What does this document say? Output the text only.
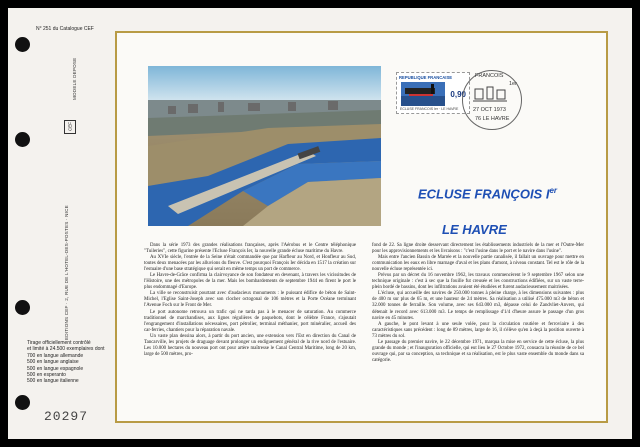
N° 251 du Catalogue CEF
MODELE DEPOSE
CEF
EDITIONS CEF · 2, RUE DE L'HOTEL-DES-POSTES · NICE
Tirage officiellement contrôlé
et limité à 24.500 exemplaires dont
700 en langue allemande
500 en langue anglaise
500 en langue espagnole
500 en esperanto
500 en langue italienne
20297
REPUBLIQUE FRANCAISE
0,90
ECLUSE FRANCOIS Ier · LE HAVRE
FRANCOIS
1er
27 OCT 1973
76 LE HAVRE
ECLUSE FRANÇOIS Ier
LE HAVRE

Dans la série 1973 des grandes réalisations françaises, après l'Aérobus et le Centre téléphonique "Tuileries", cette figurine présente l'Ecluse François Ier, la nouvelle grande écluse maritime du Havre.

Au XVIe siècle, l'entrée de la Seine n'était commandée que par Harfleur au Nord, et Honfleur au Sud, toutes deux menacées par les alluvions du fleuve. C'est pourquoi François Ier décida en 1517 la création sur l'estuaire d'une base stratégique qui serait en même temps un port de commerce.

Le Havre-de-Grâce confirma la clairvoyance de son fondateur en devenant, à travers les vicissitudes de l'Histoire, une des métropoles de la mer. Mais les bombardements de septembre 1944 en firent le port le plus endommagé d'Europe.

La ville se reconstruisit pourtant avec d'audacieux monuments : le puissant édifice de béton de Saint-Michel, l'Eglise Saint-Joseph avec son clocher octogonal de 106 mètres et la Porte Océane terminant l'Avenue Foch sur le Front de Mer.

Le port autonome retrouva un trafic qui ne tarda pas à le menacer de saturation. Au commerce traditionnel de marchandises, aux lignes régulières de paquebots, dont le célèbre France, s'ajoutait l'engrangement d'installations nécessaires, port pétrolier, terminal méthanier, port minéralier, accueil des car-ferries, chantiers pour la réparation navale.

Un vaste plan dessina alors, à partir du port ancien, une extension vers l'Est en direction du Canal de Tancarville, les projets de draguage devant prolonger un endiguement général de la rive nord de l'estuaire. Les 10.000 hectares du nouveau port ont pour artère maîtresse le Canal Central Maritime, long de 20 km, large de 500 mètres, pro-

fond de 22. Sa ligne droite desservant directement les établissements industriels de la mer et l'Outre-Mer pour les approvisionnements et les livraisons : "c'est l'usine dans le port et le navire dans l'usine".

Mais entre l'ancien Bassin de Marrée et la nouvelle partie canalisée, il fallait un ouvrage pour mettre en communication les eaux en libre marnage d'aval et les plans d'amont, à niveau constant. Tel est le rôle de la nouvelle écluse représentée ici.

Prévus par un décret du 16 novembre 1962, les travaux commencèrent le 9 septembre 1967 selon une technique originale : c'est à sec que la fouille fut creusée et les constructions édifiées, sur un vaste terre-plein bordé de bassins, dont les infiltrations avaient été étudiées et furent audacieusement maitrisées.

L'écluse, qui accueille des navires de 250.000 tonnes à pleine charge, à les dimensions suivantes : plus de 400 m sur plus de 65 m, et une hauteur de 24 mètres. Sa réalisation a utilisé 475.000 m3 de béton et 32.000 tonnes de ferraille. Son volume, avec ses 643.000 m3, dépasse celui de Zandvliet-Anvers, qui détenait le record avec 613.000 m3. Le temps de remplissage d'1/4 d'heure assure le passage d'un gros navire en 45 minutes.

A gauche, le pont levant à une seule volée, pour la circulation routière et ferroviaire à des caractéristiques sans précédent : long de 89 mètres, large de 16, il s'élève qu'en à deçà la position ouverte à 73 mètres du sol.

Le passage du premier navire, le 22 décembre 1971, marqua la mise en service de cette écluse, la plus grande du monde ; et l'inauguration officielle, qui eut lieu le 27 Octobre 1972, consacra la réussite de ce bel ouvrage qui, par sa conception, sa technique et sa réalisation, est le plus vaste ensemble du monde dans sa catégorie.
